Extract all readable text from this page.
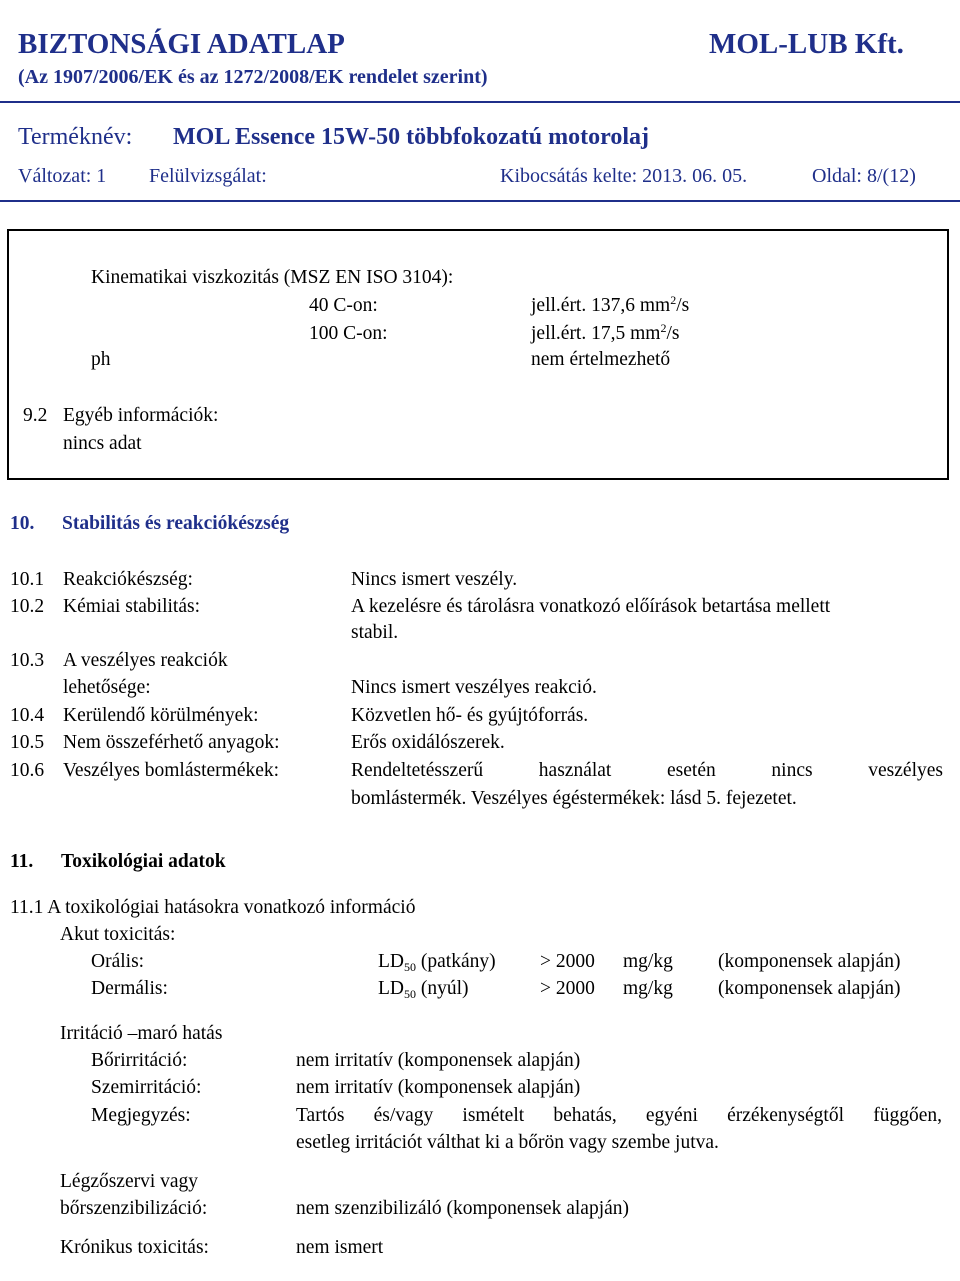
BIZTONSÁGI ADATLAP	MOL-LUB Kft.
(Az 1907/2006/EK és az 1272/2008/EK rendelet szerint)
Terméknév: MOL Essence 15W-50 többfokozatú motorolaj
Változat: 1 Felülvizsgálat:	Kibocsátás kelte: 2013. 06. 05.	Oldal: 8/(12)
Kinematikai viszkozitás (MSZ EN ISO 3104):
40 C-on:	jell.ért. 137,6 $mm^2/s$
100 C-on:	jell.ért. 17,5 $mm^2/s$
ph	nem értelmezhető
9.2 Egyéb információk:
nincs adat
10. Stabilitás és reakciókészség
10.1 Reakciókészség:	Nincs ismert veszély.
10.2 Kémiai stabilitás:	A kezelésre és tárolásra vonatkozó előírások betartása mellett
stabil.
10.3 A veszélyes reakciók
lehetősége:	Nincs ismert veszélyes reakció.
10.4 Kerülendő körülmények:	Közvetlen hő- és gyújtóforrás.
10.5 Nem összeférhető anyagok:	Erős oxidálószerek.
10.6 Veszélyes bomlástermékek:	Rendeltetésszerű használat esetén nincs veszélyes
bomlástermék. Veszélyes égéstermékek: lásd 5. fejezetet.
11. Toxikológiai adatok
11.1 A toxikológiai hatásokra vonatkozó információ
Akut toxicitás:
Orális:	$LD_{50}$ (patkány) > 2000 mg/kg (komponensek alapján)
Dermális:	$LD_{50}$ (nyúl)	> 2000 mg/kg (komponensek alapján)
Irritáció –maró hatás
Bőrirritáció:	nem irritatív (komponensek alapján)
Szemirritáció:	nem irritatív (komponensek alapján)
Megjegyzés:	Tartós és/vagy ismételt behatás, egyéni érzékenységtől függően,
esetleg irritációt válthat ki a bőrön vagy szembe jutva.
Légzőszervi vagy
bőrszenzibilizáció:	nem szenzibilizáló (komponensek alapján)
Krónikus toxicitás:	nem ismert
